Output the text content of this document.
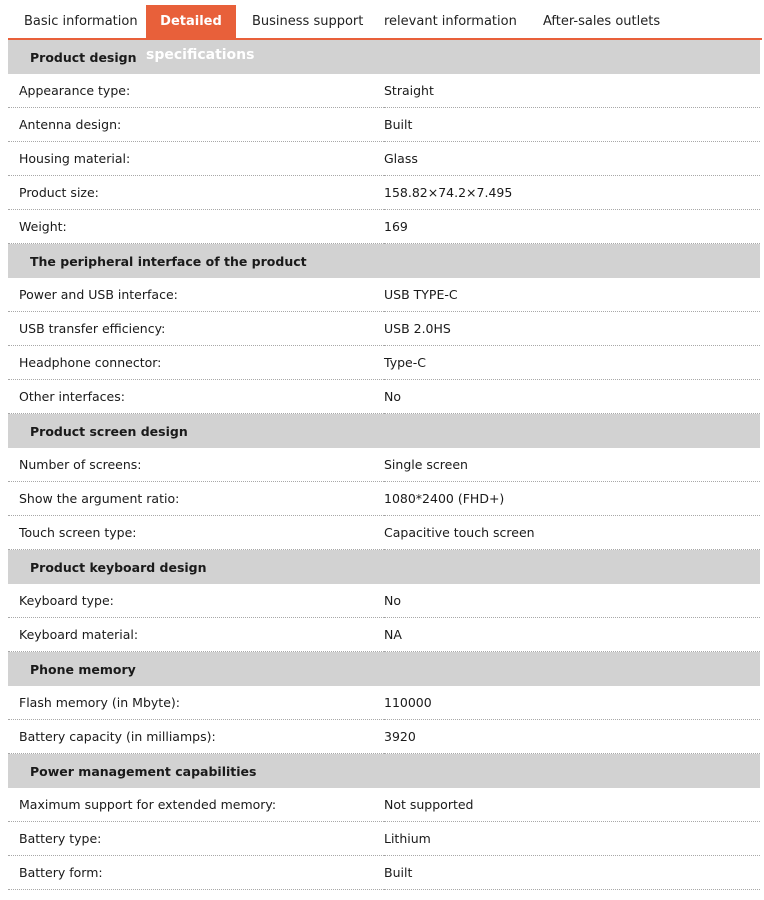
Basic information	Detailed	Business support relevant information After-sales outlets
specifications
Product design	
Appearance type:	Straight
Antenna design:	Built
Housing material:	Glass
Product size:	158.82×74.2×7.495
Weight:	169
The peripheral interface of the product	
Power and USB interface:	USB TYPE-C
USB transfer efficiency:	USB 2.0HS
Headphone connector:	Type-C
Other interfaces:	No
Product screen design	
Number of screens:	Single screen
Show the argument ratio:	1080*2400 (FHD+)
Touch screen type:	Capacitive touch screen
Product keyboard design	
Keyboard type:	No
Keyboard material:	NA
Phone memory	
Flash memory (in Mbyte):	110000
Battery capacity (in milliamps):	3920
Power management capabilities	
Maximum support for extended memory:	Not supported
Battery type:	Lithium
Battery form:	Built
